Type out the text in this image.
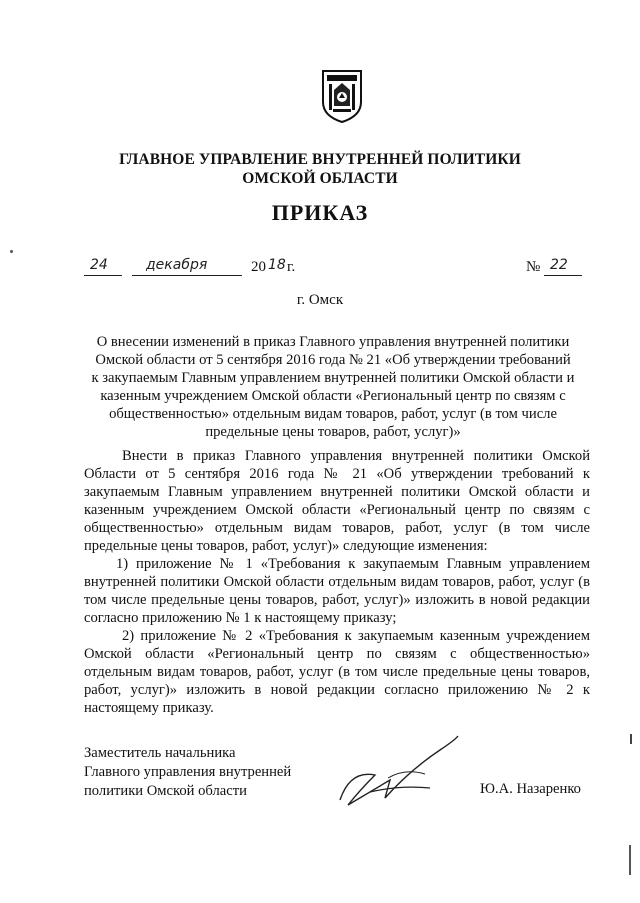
ГЛАВНОЕ УПРАВЛЕНИЕ ВНУТРЕННЕЙ ПОЛИТИКИ
ОМСКОЙ ОБЛАСТИ
ПРИКАЗ
24	декабря	20 18 г.	№ 22
г. Омск

О внесении изменений в приказ Главного управления внутренней политики

Омской области от 5 сентября 2016 года № 21 «Об утверждении требований

к закупаемым Главным управлением внутренней политики Омской области и

казенным учреждением Омской области «Региональный центр по связям с

общественностью» отдельным видам товаров, работ, услуг (в том числе

предельные цены товаров, работ, услуг)»

Внести в приказ Главного управления внутренней политики Омской Области от 5 сентября 2016 года № 21 «Об утверждении требований к закупаемым Главным управлением внутренней политики Омской области и казенным учреждением Омской области «Региональный центр по связям с общественностью» отдельным видам товаров, работ, услуг (в том числе предельные цены товаров, работ, услуг)» следующие изменения:

1) приложение № 1 «Требования к закупаемым Главным управлением внутренней политики Омской области отдельным видам товаров, работ, услуг (в том числе предельные цены товаров, работ, услуг)» изложить в новой редакции согласно приложению № 1 к настоящему приказу;

2) приложение № 2 «Требования к закупаемым казенным учреждением Омской области «Региональный центр по связям с общественностью» отдельным видам товаров, работ, услуг (в том числе предельные цены товаров, работ, услуг)» изложить в новой редакции согласно приложению № 2 к настоящему приказу.

Заместитель начальника
Главного управления внутренней
политики Омской области	Ю.А. Назаренко
